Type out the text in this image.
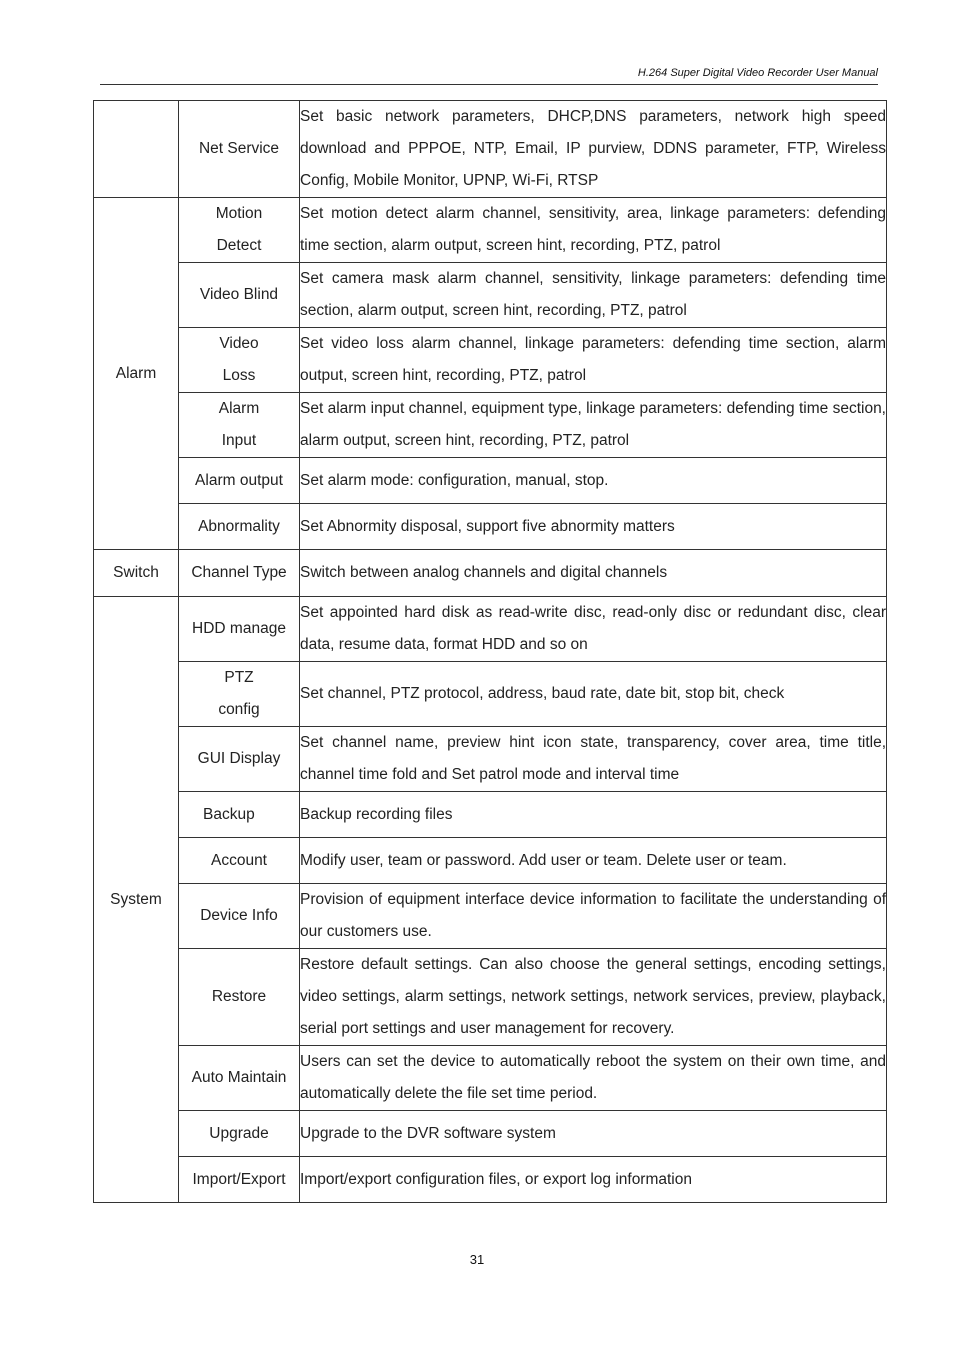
H.264 Super Digital Video Recorder User Manual
	Net Service	Set basic network parameters, DHCP,DNS parameters, network high speed download and PPPOE, NTP, Email, IP purview, DDNS parameter, FTP, Wireless Config, Mobile Monitor, UPNP, Wi-Fi, RTSP
Alarm	Motion Detect	Set motion detect alarm channel, sensitivity, area, linkage parameters: defending time section, alarm output, screen hint, recording, PTZ, patrol
	Video Blind	Set camera mask alarm channel, sensitivity, linkage parameters: defending time section, alarm output, screen hint, recording, PTZ, patrol
	Video Loss	Set video loss alarm channel, linkage parameters: defending time section, alarm output, screen hint, recording, PTZ, patrol
	Alarm Input	Set alarm input channel, equipment type, linkage parameters: defending time section, alarm output, screen hint, recording, PTZ, patrol
	Alarm output	Set alarm mode: configuration, manual, stop.
	Abnormality	Set Abnormity disposal, support five abnormity matters
Switch	Channel Type	Switch between analog channels and digital channels
System	HDD manage	Set appointed hard disk as read-write disc, read-only disc or redundant disc, clear data, resume data, format HDD and so on
	PTZ config	Set channel, PTZ protocol, address, baud rate, date bit, stop bit, check
	GUI Display	Set channel name, preview hint icon state, transparency, cover area, time title, channel time fold and Set patrol mode and interval time
	Backup	Backup recording files
	Account	Modify user, team or password. Add user or team. Delete user or team.
	Device Info	Provision of equipment interface device information to facilitate the understanding of our customers use.
	Restore	Restore default settings. Can also choose the general settings, encoding settings, video settings, alarm settings, network settings, network services, preview, playback, serial port settings and user management for recovery.
	Auto Maintain	Users can set the device to automatically reboot the system on their own time, and automatically delete the file set time period.
	Upgrade	Upgrade to the DVR software system
	Import/Export	Import/export configuration files, or export log information
31
